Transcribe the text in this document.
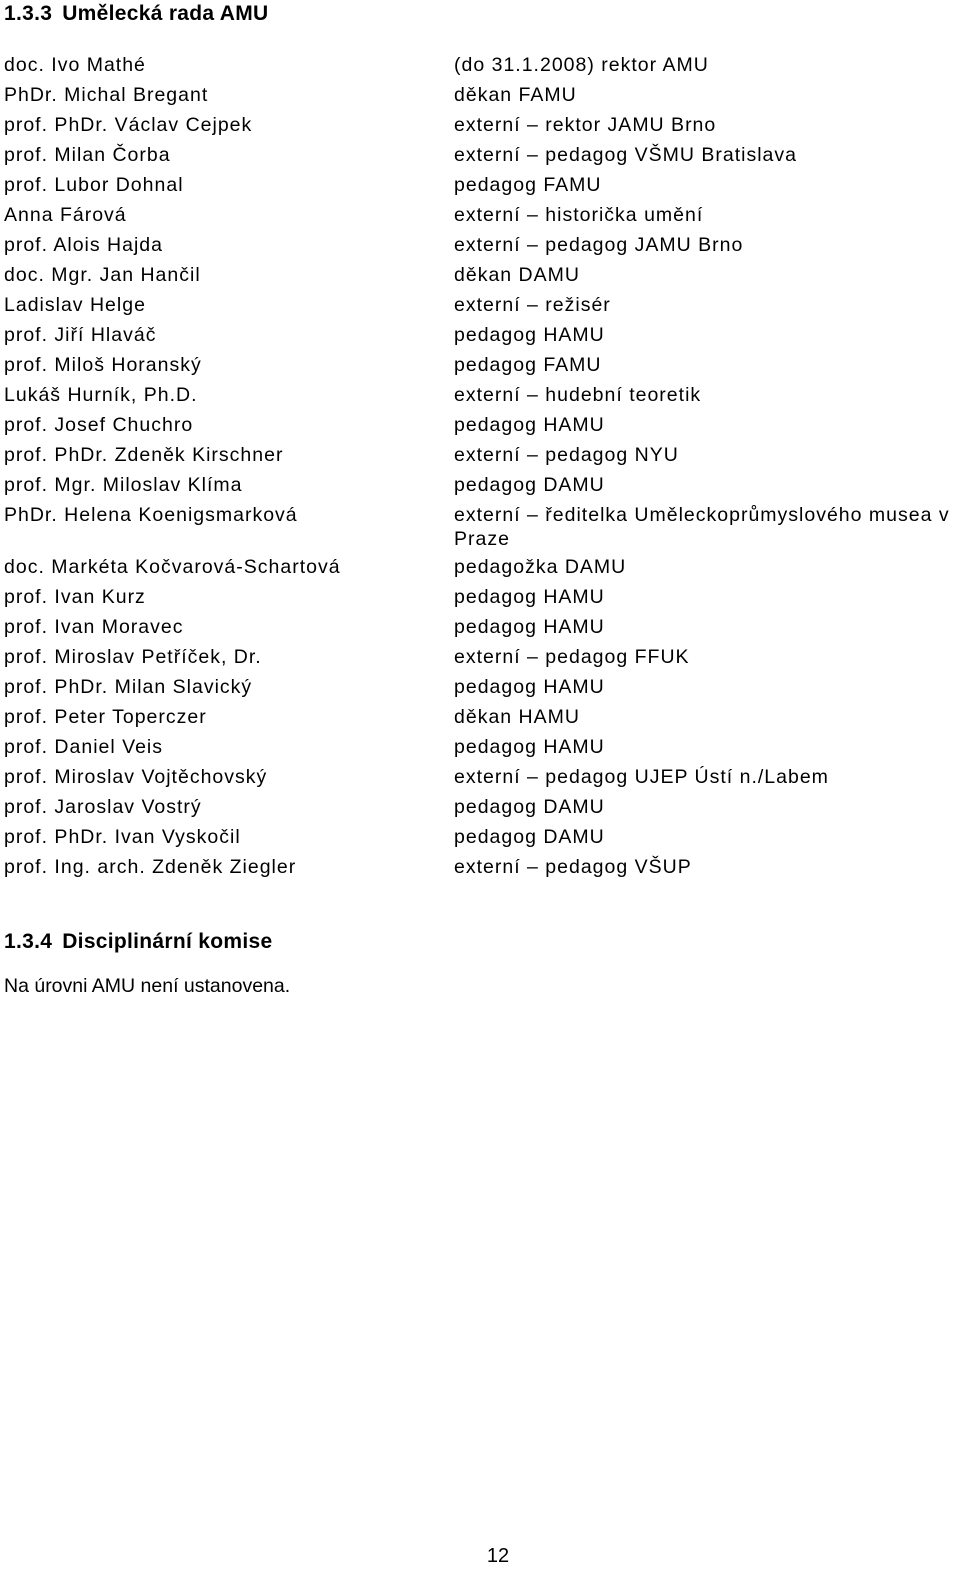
1.3.3 Umělecká rada AMU
doc. Ivo Mathé	(do 31.1.2008) rektor AMU
PhDr. Michal Bregant	děkan FAMU
prof. PhDr. Václav Cejpek	externí – rektor JAMU Brno
prof. Milan Čorba	externí – pedagog VŠMU Bratislava
prof. Lubor Dohnal	pedagog FAMU
Anna Fárová	externí – historička umění
prof. Alois Hajda	externí – pedagog JAMU Brno
doc. Mgr. Jan Hančil	děkan DAMU
Ladislav Helge	externí – režisér
prof. Jiří Hlaváč	pedagog HAMU
prof. Miloš Horanský	pedagog FAMU
Lukáš Hurník, Ph.D.	externí – hudební teoretik
prof. Josef Chuchro	pedagog HAMU
prof. PhDr. Zdeněk Kirschner	externí – pedagog NYU
prof. Mgr. Miloslav Klíma	pedagog DAMU
PhDr. Helena Koenigsmarková	externí – ředitelka Uměleckoprůmyslového musea v Praze
doc. Markéta Kočvarová-Schartová	pedagožka DAMU
prof. Ivan Kurz	pedagog HAMU
prof. Ivan Moravec	pedagog HAMU
prof. Miroslav Petříček, Dr.	externí – pedagog FFUK
prof. PhDr. Milan Slavický	pedagog HAMU
prof. Peter Toperczer	děkan HAMU
prof. Daniel Veis	pedagog HAMU
prof. Miroslav Vojtěchovský	externí – pedagog UJEP Ústí n./Labem
prof. Jaroslav Vostrý	pedagog DAMU
prof. PhDr. Ivan Vyskočil	pedagog DAMU
prof. Ing. arch. Zdeněk Ziegler	externí – pedagog VŠUP
1.3.4 Disciplinární komise
Na úrovni AMU není ustanovena.
12
